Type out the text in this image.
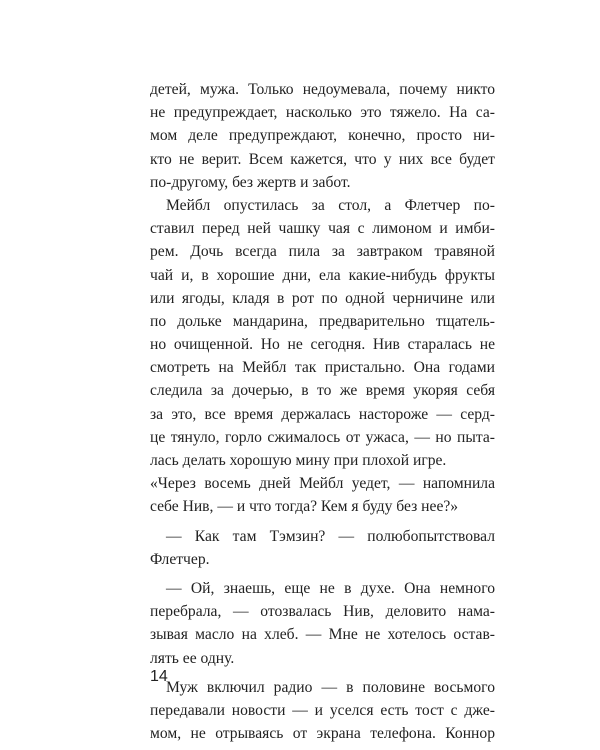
детей, мужа. Только недоумевала, почему никто
не предупреждает, насколько это тяжело. На са-
мом деле предупреждают, конечно, просто ни-
кто не верит. Всем кажется, что у них все будет
по-другому, без жертв и забот.
Мейбл опустилась за стол, а Флетчер по-
ставил перед ней чашку чая с лимоном и имби-
рем. Дочь всегда пила за завтраком травяной
чай и, в хорошие дни, ела какие-нибудь фрукты
или ягоды, кладя в рот по одной черничине или
по дольке мандарина, предварительно тщатель-
но очищенной. Но не сегодня. Нив старалась не
смотреть на Мейбл так пристально. Она годами
следила за дочерью, в то же время укоряя себя
за это, все время держалась настороже — серд-
це тянуло, горло сжималось от ужаса, — но пыта-
лась делать хорошую мину при плохой игре.
«Через восемь дней Мейбл уедет, — напомнила
себе Нив, — и что тогда? Кем я буду без нее?»
— Как там Тэмзин? — полюбопытствовал
Флетчер.
— Ой, знаешь, еще не в духе. Она немного
перебрала, — отозвалась Нив, деловито нама-
зывая масло на хлеб. — Мне не хотелось остав-
лять ее одну.
Муж включил радио — в половине восьмого
передавали новости — и уселся есть тост с дже-
мом, не отрываясь от экрана телефона. Коннор
14
